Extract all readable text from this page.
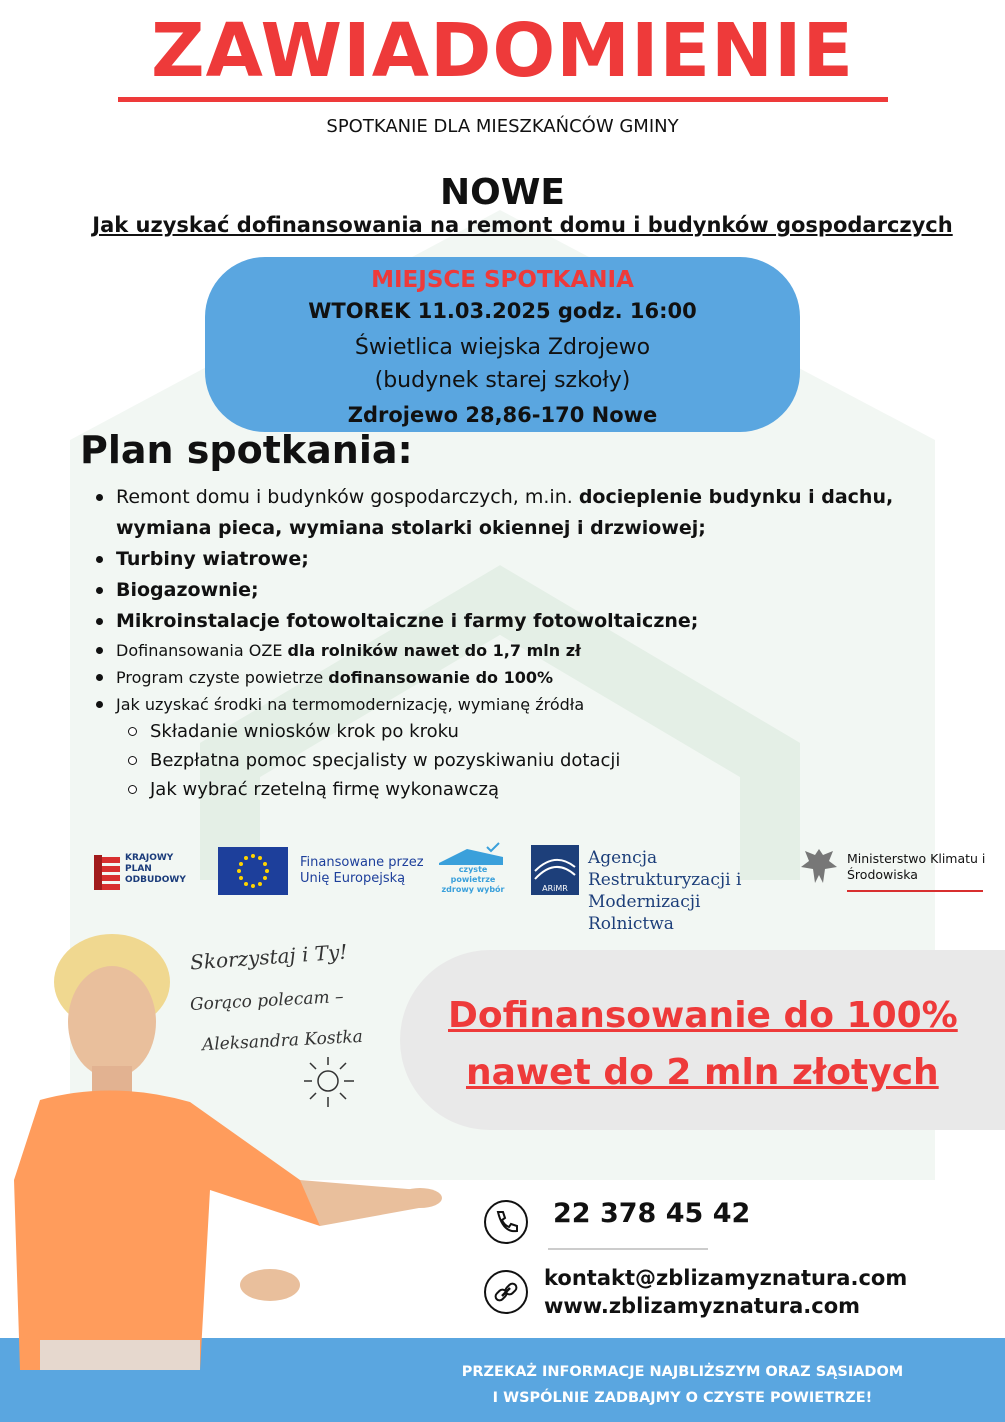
ZAWIADOMIENIE
SPOTKANIE DLA MIESZKAŃCÓW GMINY
NOWE
Jak uzyskać dofinansowania na remont domu i budynków gospodarczych
MIEJSCE SPOTKANIA
WTOREK 11.03.2025 godz. 16:00
Świetlica wiejska Zdrojewo
(budynek starej szkoły)
Zdrojewo 28,86-170 Nowe
Plan spotkania:
Remont domu i budynków gospodarczych, m.in. docieplenie budynku i dachu, wymiana pieca, wymiana stolarki okiennej i drzwiowej;
Turbiny wiatrowe;
Biogazownie;
Mikroinstalacje fotowoltaiczne i farmy fotowoltaiczne;
Dofinansowania OZE dla rolników nawet do 1,7 mln zł
Program czyste powietrze dofinansowanie do 100%
Jak uzyskać środki na termomodernizację, wymianę źródła
Składanie wniosków krok po kroku
Bezpłatna pomoc specjalisty w pozyskiwaniu dotacji
Jak wybrać rzetelną firmę wykonawczą
KRAJOWY PLAN ODBUDOWY
Finansowane przez Unię Europejską
czyste powietrze zdrowy wybór	ARiMR
Agencja Restrukturyzacji i Modernizacji Rolnictwa
Ministerstwo Klimatu i Środowiska
Dofinansowanie do 100%
nawet do 2 mln złotych
Skorzystaj i Ty!
Gorąco polecam –
Aleksandra Kostka
22 378 45 42
kontakt@zblizamyznatura.com
www.zblizamyznatura.com
PRZEKAŻ INFORMACJE NAJBLIŻSZYM ORAZ SĄSIADOM
I WSPÓLNIE ZADBAJMY O CZYSTE POWIETRZE!
